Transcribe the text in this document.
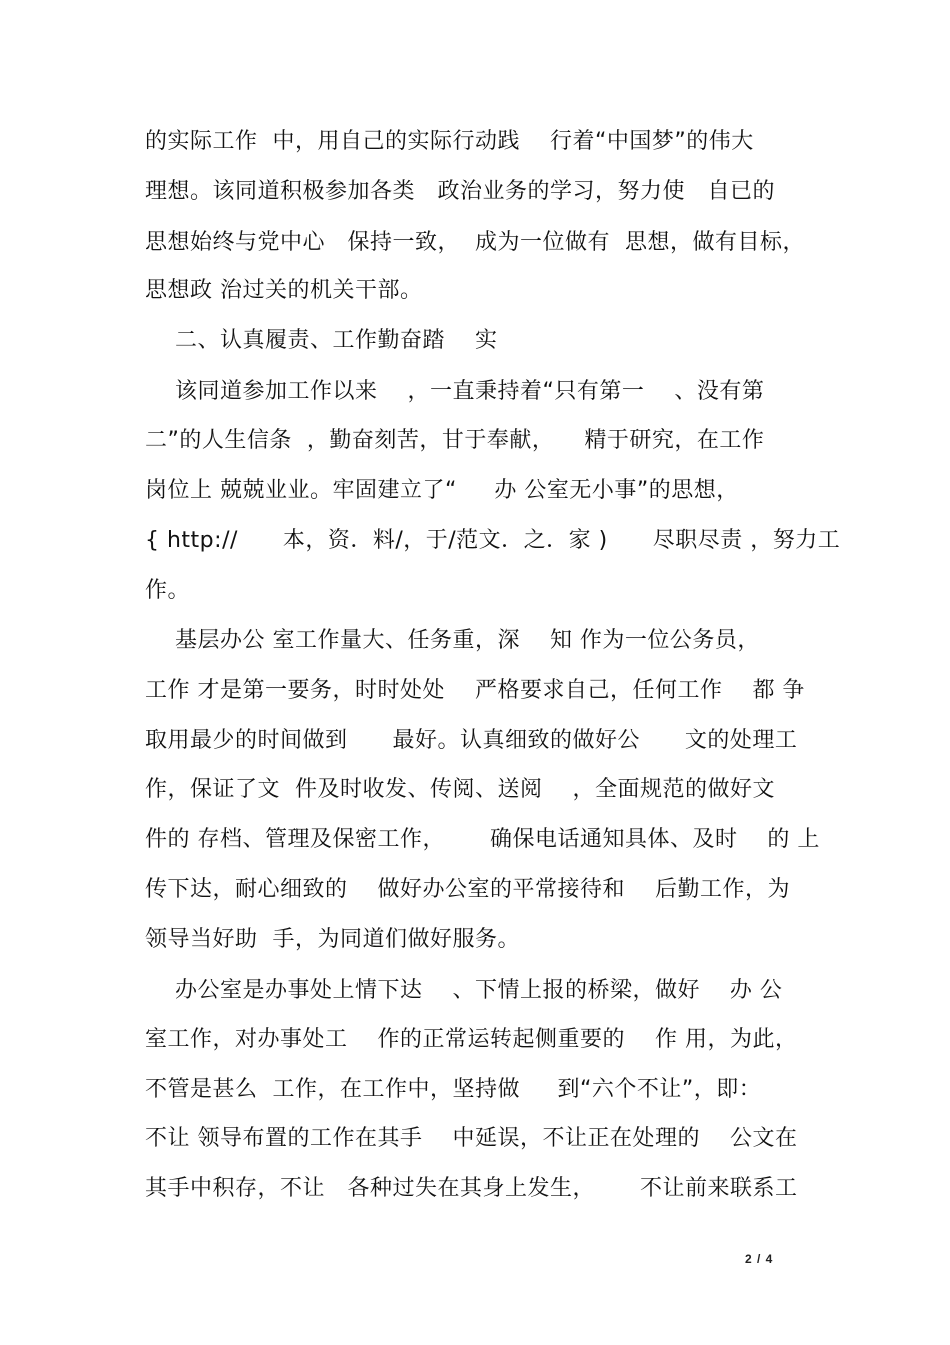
的实际工作  中，用自己的实际行动践    行着“中国梦”的伟大
理想。该同道积极参加各类   政治业务的学习，努力使   自已的
思想始终与党中心   保持一致，  成为一位做有  思想，做有目标，
思想政 治过关的机关干部。
二、认真履责、工作勤奋踏    实
该同道参加工作以来    ，一直秉持着“只有第一    、没有第
二”的人生信条  ，勤奋刻苦，甘于奉献，    精于研究，在工作
岗位上 兢兢业业。牢固建立了“     办 公室无小事”的思想，
{ http://      本，资．料/，于/范文．之．家 )      尽职尽责 ，努力工
作。
基层办公 室工作量大、任务重，深    知 作为一位公务员，
工作 才是第一要务，时时处处    严格要求自己，任何工作    都 争
取用最少的时间做到      最好。认真细致的做好公      文的处理工
作，保证了文  件及时收发、传阅、送阅    ，全面规范的做好文
件的 存档、管理及保密工作，      确保电话通知具体、及时    的 上
传下达，耐心细致的    做好办公室的平常接待和    后勤工作，为
领导当好助  手，为同道们做好服务。
办公室是办事处上情下达    、下情上报的桥梁，做好    办 公
室工作，对办事处工    作的正常运转起侧重要的    作 用，为此，
不管是甚么  工作，在工作中，坚持做     到“六个不让”，即：
不让 领导布置的工作在其手    中延误，不让正在处理的    公文在
其手中积存，不让   各种过失在其身上发生，      不让前来联系工
2 / 4
